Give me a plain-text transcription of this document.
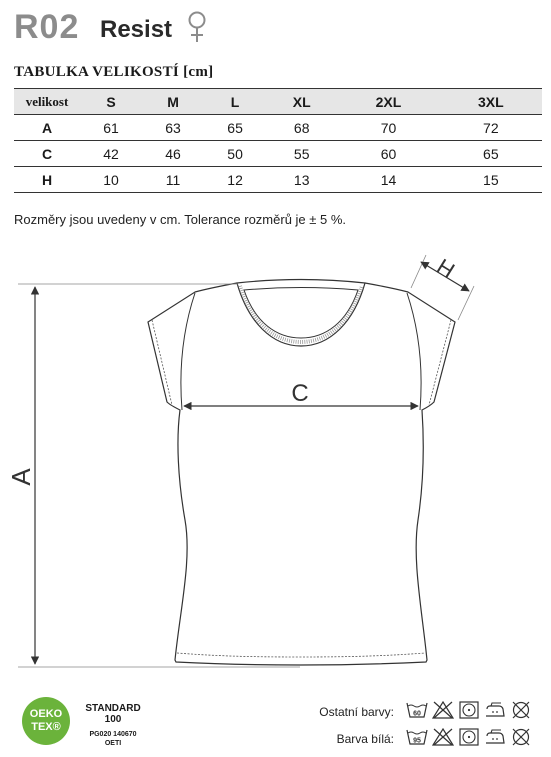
R02 Resist
TABULKA VELIKOSTÍ [cm]
velikost	S	M	L	XL	2XL	3XL
A	61	63	65	68	70	72
C	42	46	50	55	60	65
H	10	11	12	13	14	15
Rozměry jsou uvedeny v cm. Tolerance rozměrů je ± 5 %.
A
C
H
OEKO
TEX®
STANDARD 100
PG020 140670
OETI
Ostatní barvy:	60
Barva bílá:	95
